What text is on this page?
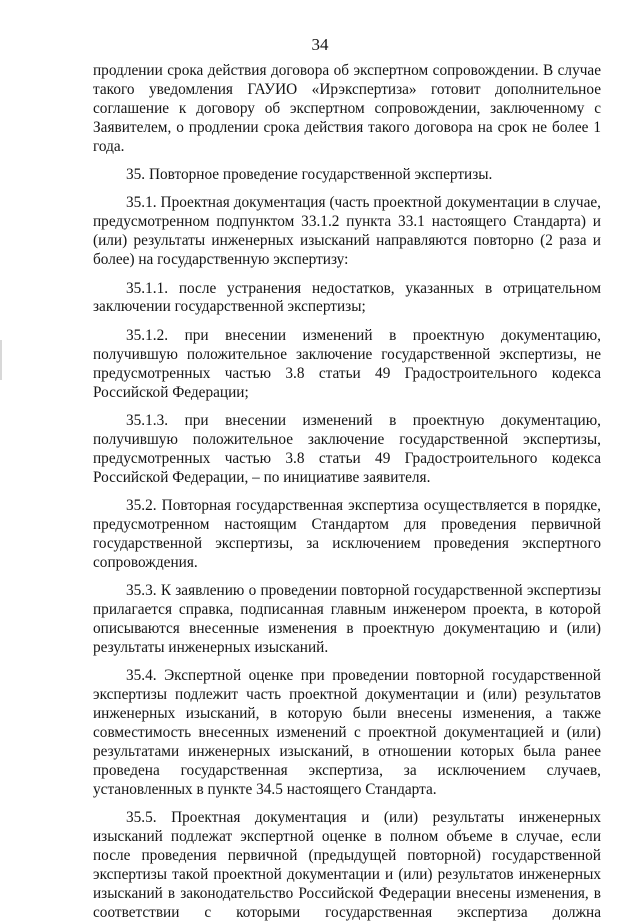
34

продлении срока действия договора об экспертном сопровождении. В случае такого уведомления ГАУИО «Ирэкспертиза» готовит дополнительное соглашение к договору об экспертном сопровождении, заключенному с Заявителем, о продлении срока действия такого договора на срок не более 1 года.

35. Повторное проведение государственной экспертизы.

35.1. Проектная документация (часть проектной документации в случае, предусмотренном подпунктом 33.1.2 пункта 33.1 настоящего Стандарта) и (или) результаты инженерных изысканий направляются повторно (2 раза и более) на государственную экспертизу:

35.1.1. после устранения недостатков, указанных в отрицательном заключении государственной экспертизы;

35.1.2. при внесении изменений в проектную документацию, получившую положительное заключение государственной экспертизы, не предусмотренных частью 3.8 статьи 49 Градостроительного кодекса Российской Федерации;

35.1.3. при внесении изменений в проектную документацию, получившую положительное заключение государственной экспертизы, предусмотренных частью 3.8 статьи 49 Градостроительного кодекса Российской Федерации, – по инициативе заявителя.

35.2. Повторная государственная экспертиза осуществляется в порядке, предусмотренном настоящим Стандартом для проведения первичной государственной экспертизы, за исключением проведения экспертного сопровождения.

35.3. К заявлению о проведении повторной государственной экспертизы прилагается справка, подписанная главным инженером проекта, в которой описываются внесенные изменения в проектную документацию и (или) результаты инженерных изысканий.

35.4. Экспертной оценке при проведении повторной государственной экспертизы подлежит часть проектной документации и (или) результатов инженерных изысканий, в которую были внесены изменения, а также совместимость внесенных изменений с проектной документацией и (или) результатами инженерных изысканий, в отношении которых была ранее проведена государственная экспертиза, за исключением случаев, установленных в пункте 34.5 настоящего Стандарта.

35.5. Проектная документация и (или) результаты инженерных изысканий подлежат экспертной оценке в полном объеме в случае, если после проведения первичной (предыдущей повторной) государственной экспертизы такой проектной документации и (или) результатов инженерных изысканий в законодательство Российской Федерации внесены изменения, в соответствии с которыми государственная экспертиза должна
